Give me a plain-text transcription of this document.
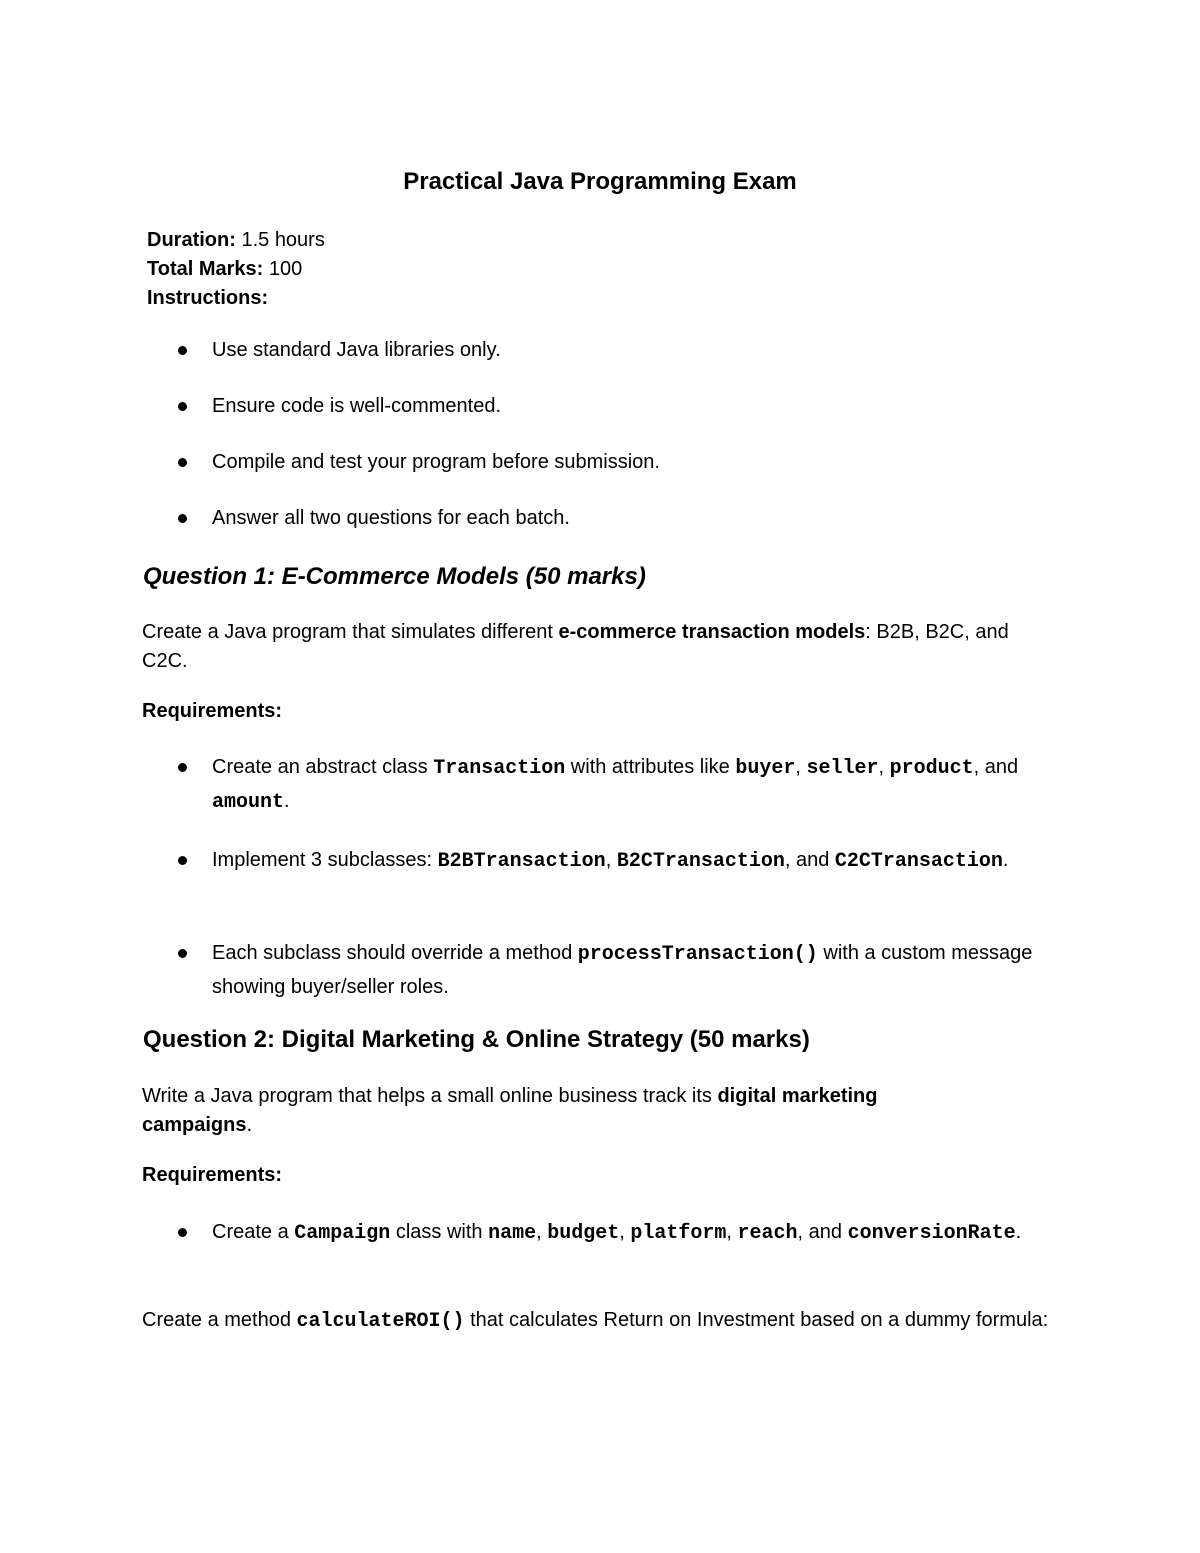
Practical Java Programming Exam
Duration: 1.5 hours
Total Marks: 100
Instructions:
Use standard Java libraries only.
Ensure code is well-commented.
Compile and test your program before submission.
Answer all two questions for each batch.
Question 1: E-Commerce Models (50 marks)

Create a Java program that simulates different e-commerce transaction models: B2B, B2C, and C2C.

Requirements:

Create an abstract class Transaction with attributes like buyer, seller, product, and amount.
Implement 3 subclasses: B2BTransaction, B2CTransaction, and C2CTransaction.
Each subclass should override a method processTransaction() with a custom message showing buyer/seller roles.
Question 2: Digital Marketing & Online Strategy (50 marks)

Write a Java program that helps a small online business track its digital marketing campaigns.

Requirements:

Create a Campaign class with name, budget, platform, reach, and conversionRate.

Create a method calculateROI() that calculates Return on Investment based on a dummy formula:
